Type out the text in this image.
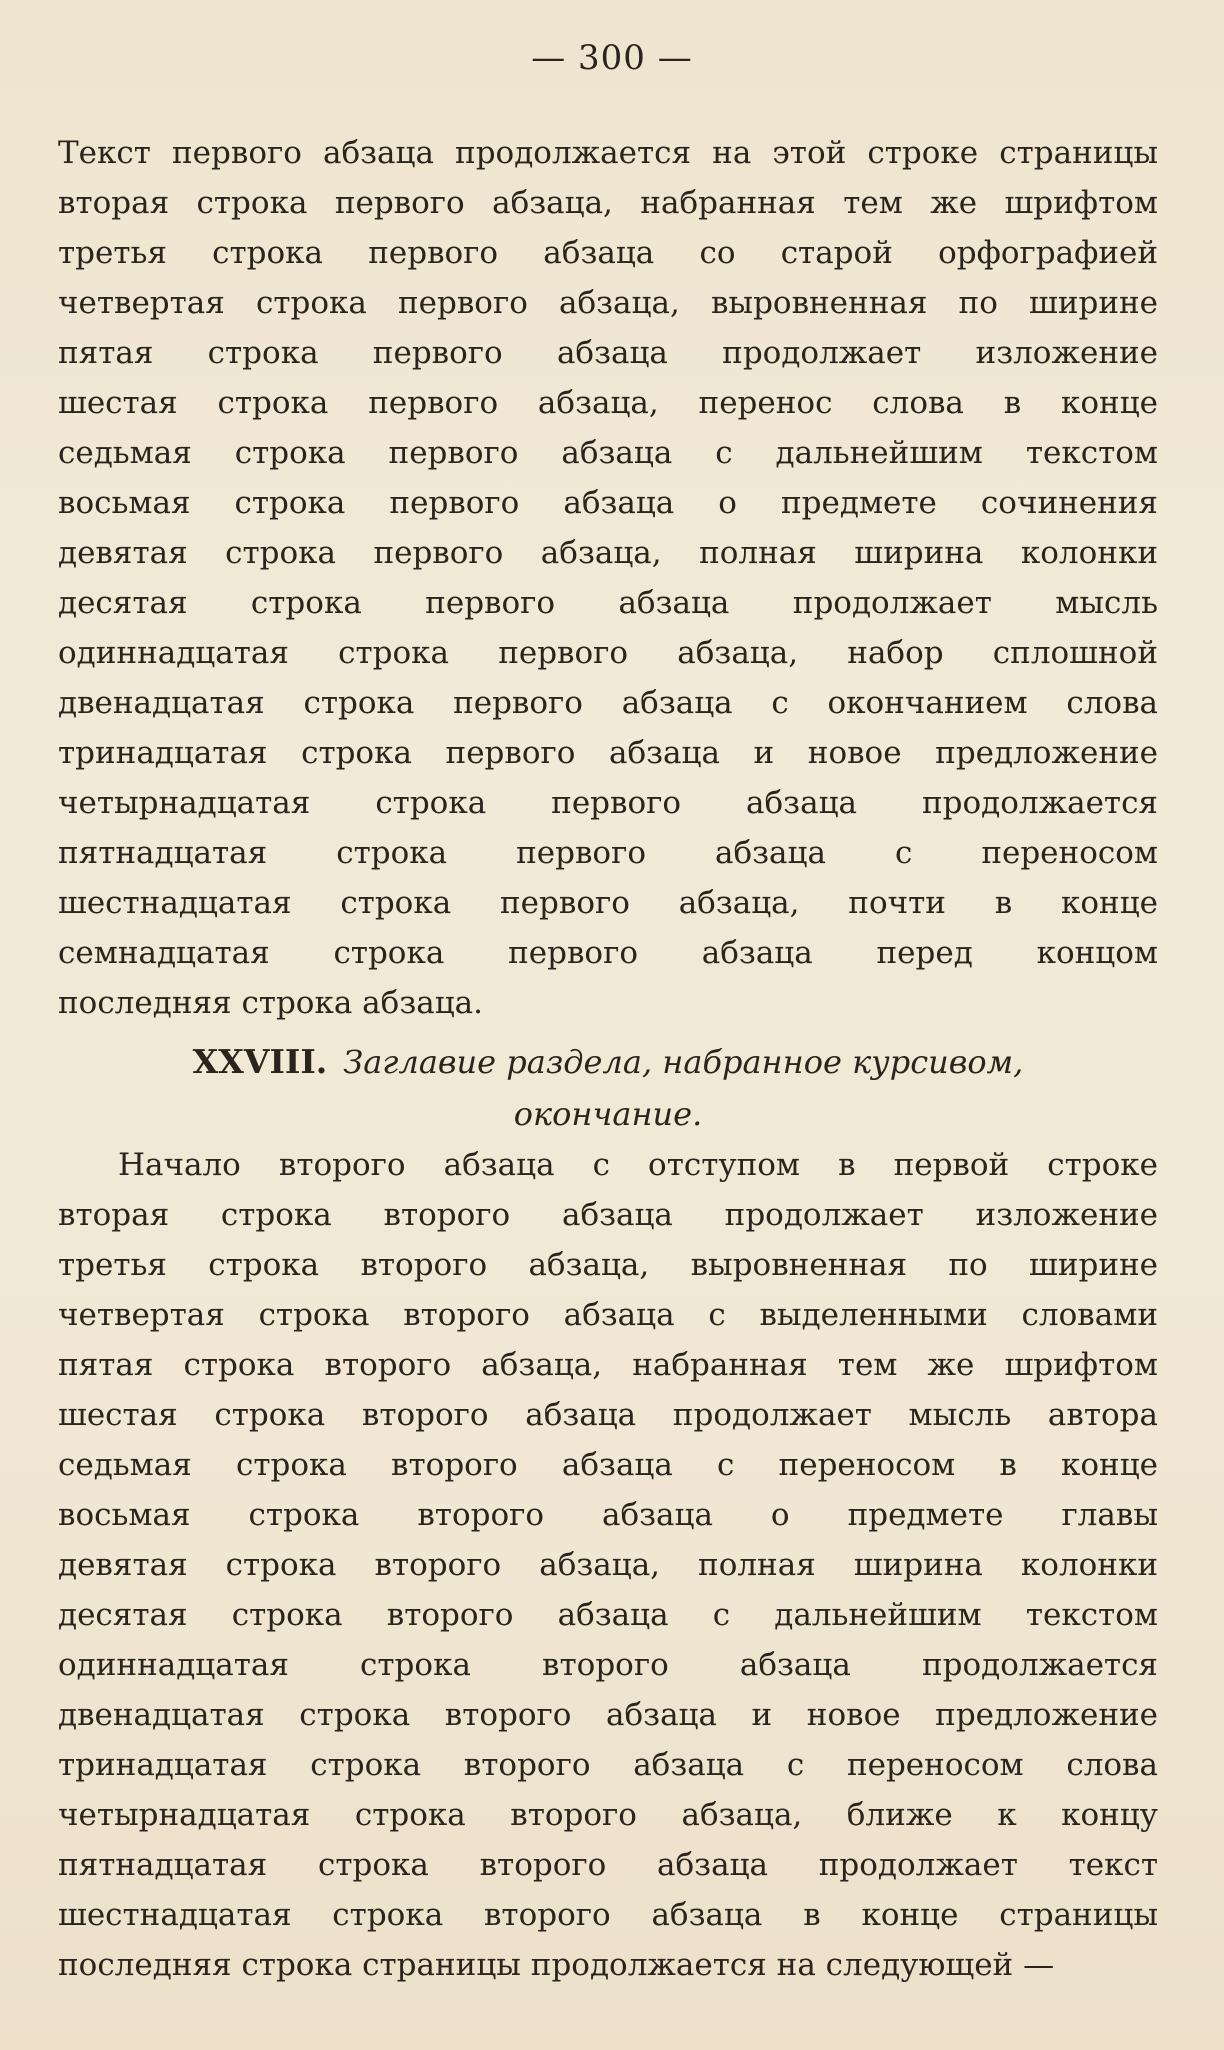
— 300 —
Текст первого абзаца продолжается на этой строке страницы
вторая строка первого абзаца, набранная тем же шрифтом
третья строка первого абзаца со старой орфографией
четвертая строка первого абзаца, выровненная по ширине
пятая строка первого абзаца продолжает изложение
шестая строка первого абзаца, перенос слова в конце
седьмая строка первого абзаца с дальнейшим текстом
восьмая строка первого абзаца о предмете сочинения
девятая строка первого абзаца, полная ширина колонки
десятая строка первого абзаца продолжает мысль
одиннадцатая строка первого абзаца, набор сплошной
двенадцатая строка первого абзаца с окончанием слова
тринадцатая строка первого абзаца и новое предложение
четырнадцатая строка первого абзаца продолжается
пятнадцатая строка первого абзаца с переносом
шестнадцатая строка первого абзаца, почти в конце
семнадцатая строка первого абзаца перед концом
последняя строка абзаца.
XXVIII. Заглавие раздела, набранное курсивом,
окончание.
Начало второго абзаца с отступом в первой строке
вторая строка второго абзаца продолжает изложение
третья строка второго абзаца, выровненная по ширине
четвертая строка второго абзаца с выделенными словами
пятая строка второго абзаца, набранная тем же шрифтом
шестая строка второго абзаца продолжает мысль автора
седьмая строка второго абзаца с переносом в конце
восьмая строка второго абзаца о предмете главы
девятая строка второго абзаца, полная ширина колонки
десятая строка второго абзаца с дальнейшим текстом
одиннадцатая строка второго абзаца продолжается
двенадцатая строка второго абзаца и новое предложение
тринадцатая строка второго абзаца с переносом слова
четырнадцатая строка второго абзаца, ближе к концу
пятнадцатая строка второго абзаца продолжает текст
шестнадцатая строка второго абзаца в конце страницы
последняя строка страницы продолжается на следующей —
